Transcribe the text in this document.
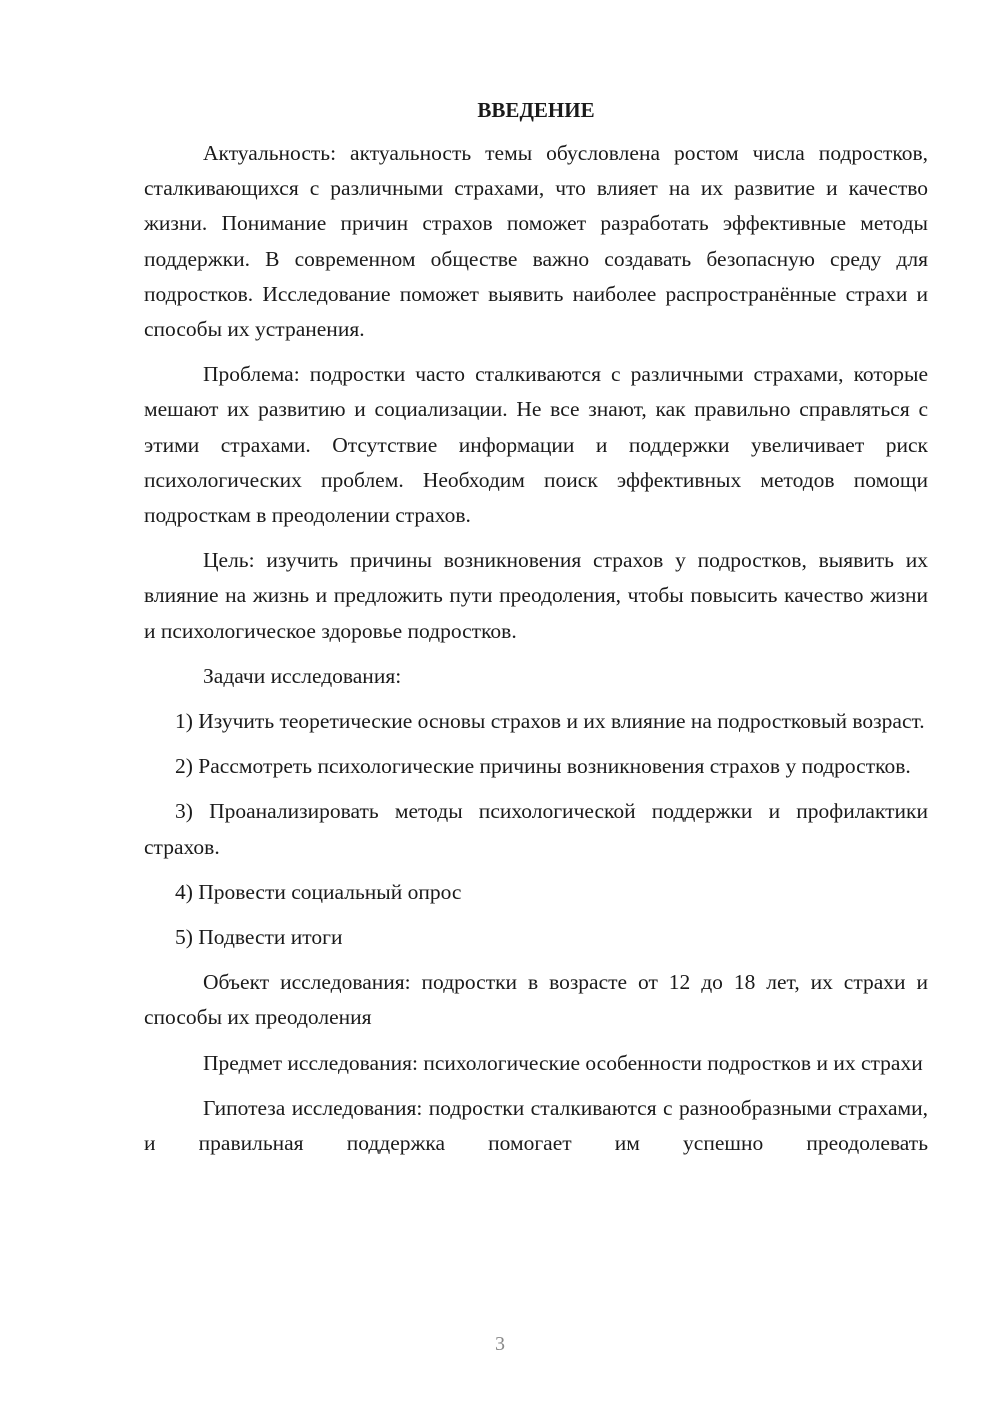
ВВЕДЕНИЕ

Актуальность: актуальность темы обусловлена ростом числа подростков, сталкивающихся с различными страхами, что влияет на их развитие и качество жизни. Понимание причин страхов поможет разработать эффективные методы поддержки. В современном обществе важно создавать безопасную среду для подростков. Исследование поможет выявить наиболее распространённые страхи и способы их устранения.

Проблема: подростки часто сталкиваются с различными страхами, которые мешают их развитию и социализации. Не все знают, как правильно справляться с этими страхами. Отсутствие информации и поддержки увеличивает риск психологических проблем. Необходим поиск эффективных методов помощи подросткам в преодолении страхов.

Цель: изучить причины возникновения страхов у подростков, выявить их влияние на жизнь и предложить пути преодоления, чтобы повысить качество жизни и психологическое здоровье подростков.

Задачи исследования:

1) Изучить теоретические основы страхов и их влияние на подростковый возраст.

2) Рассмотреть психологические причины возникновения страхов у подростков.

3) Проанализировать методы психологической поддержки и профилактики страхов.

4) Провести социальный опрос

5) Подвести итоги

Объект исследования: подростки в возрасте от 12 до 18 лет, их страхи и способы их преодоления

Предмет исследования: психологические особенности подростков и их страхи

Гипотеза исследования: подростки сталкиваются с разнообразными страхами, и правильная поддержка помогает им успешно преодолевать

3
